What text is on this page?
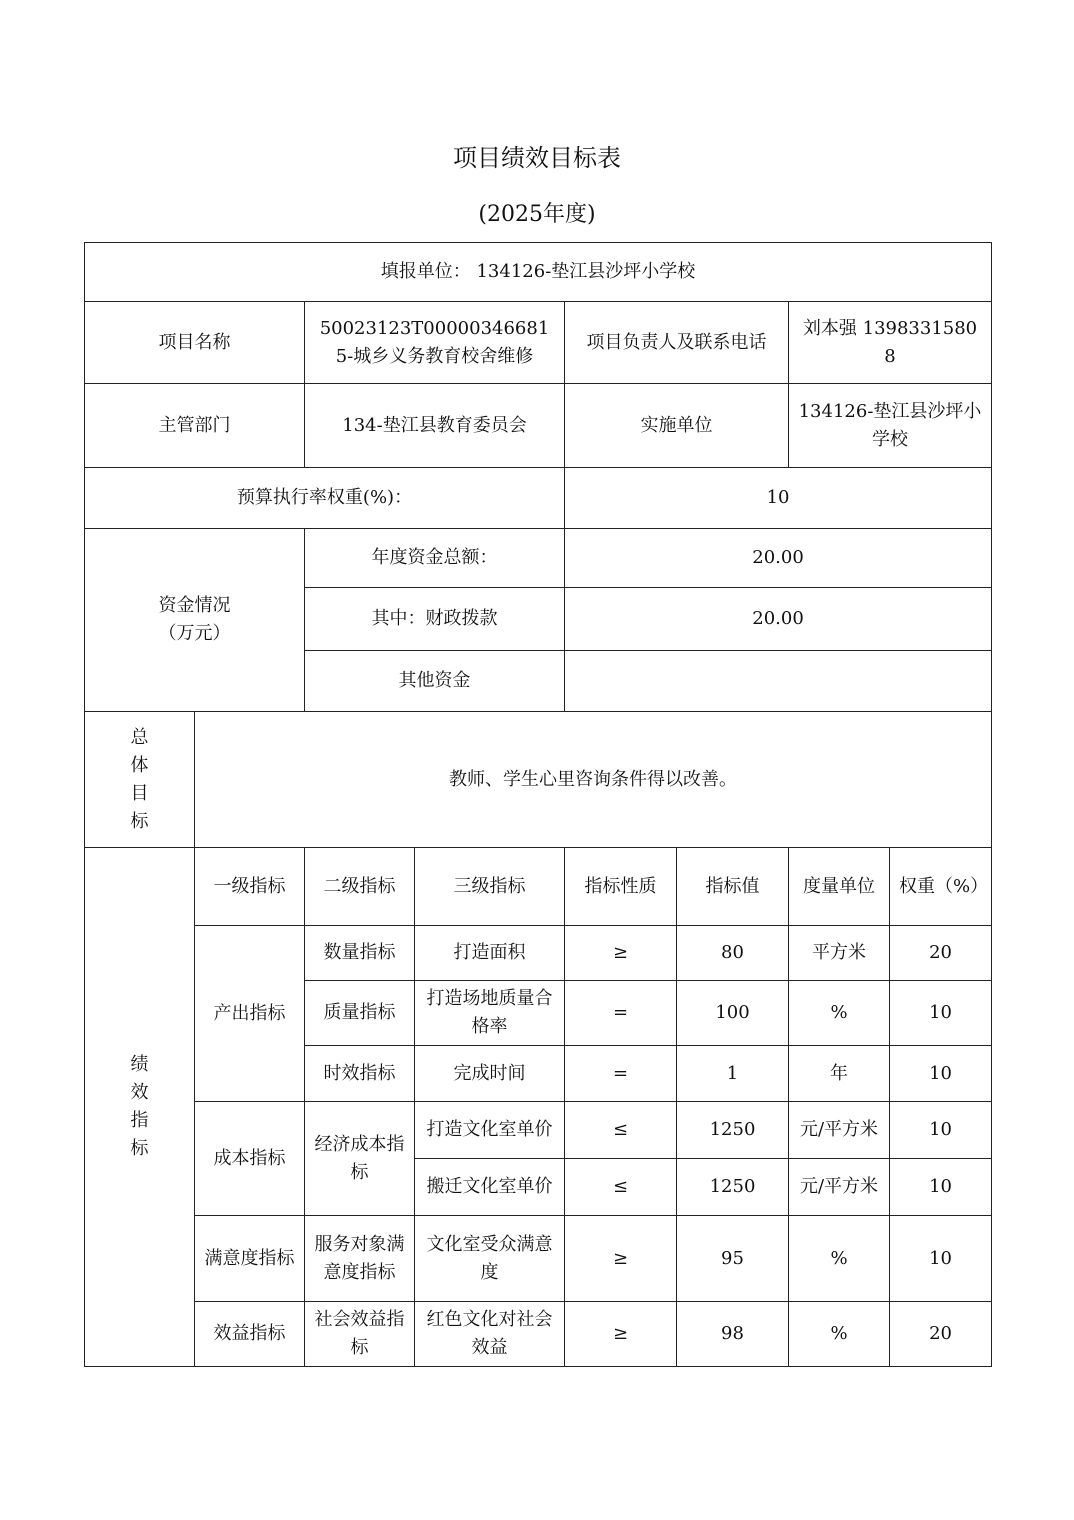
项目绩效目标表
(2025年度)
填报单位： 134126-垫江县沙坪小学校							
项目名称		50023123T000003466815-城乡义务教育校舍维修		项目负责人及联系电话		刘本强 13983315808	
主管部门		134-垫江县教育委员会		实施单位		134126-垫江县沙坪小学校	
预算执行率权重(%)：				10			
资金情况（万元）		年度资金总额：		20.00			
		其中：财政拨款		20.00			
		其他资金					

总体目标	教师、学生心里咨询条件得以改善。						

绩效指标	一级指标	二级指标	三级指标	指标性质	指标值	度量单位	权重（%）
	产出指标	数量指标	打造面积	≥	80	平方米	20
		质量指标	打造场地质量合格率	=	100	%	10
		时效指标	完成时间	=	1	年	10
	成本指标	经济成本指标	打造文化室单价	≤	1250	元/平方米	10
			搬迁文化室单价	≤	1250	元/平方米	10
	满意度指标	服务对象满意度指标	文化室受众满意度	≥	95	%	10
	效益指标	社会效益指标	红色文化对社会效益	≥	98	%	20
